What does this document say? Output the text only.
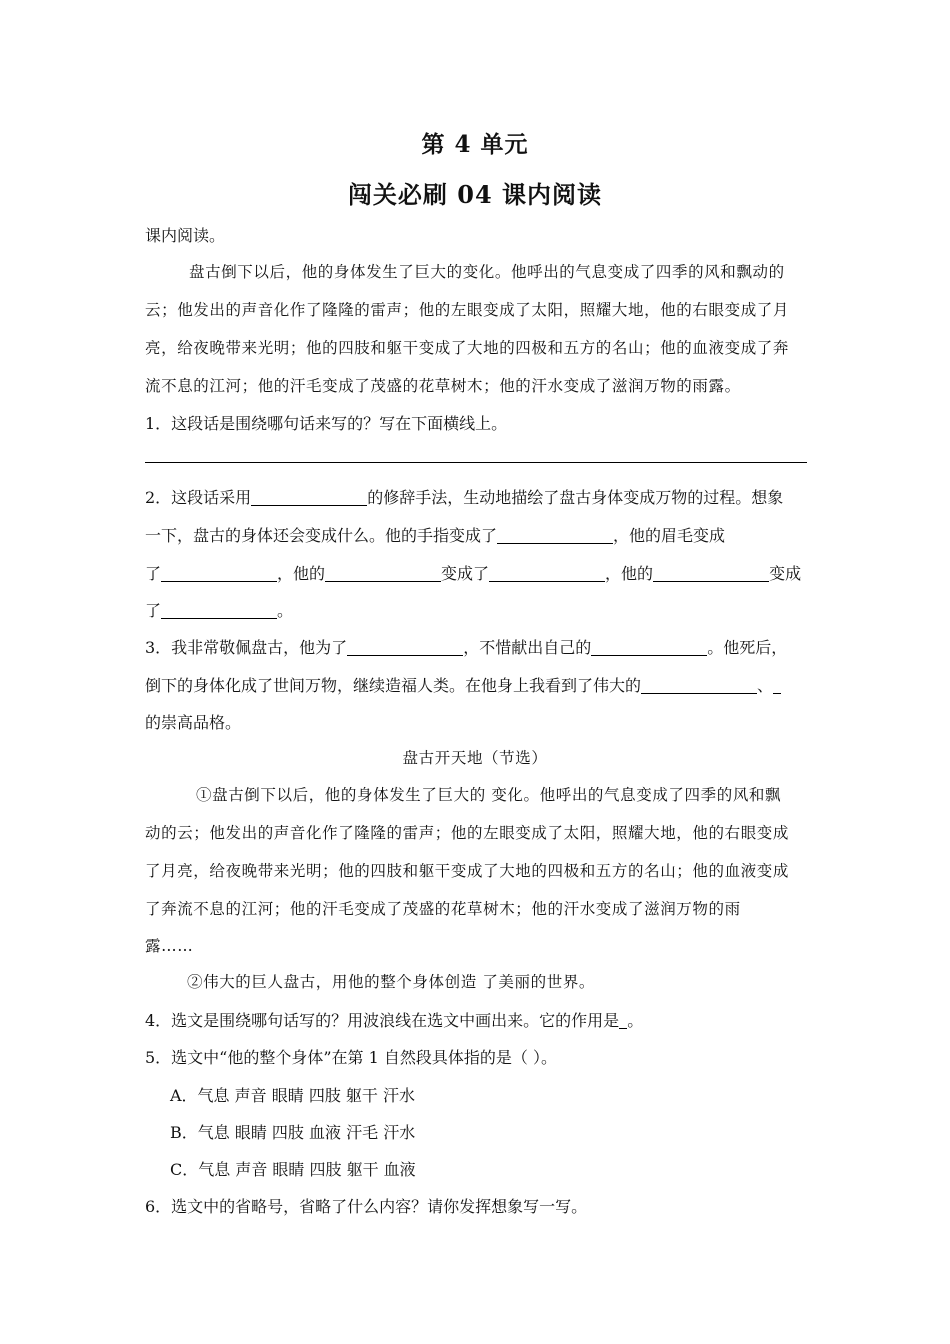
第 4 单元
闯关必刷 04 课内阅读
课内阅读。
盘古倒下以后，他的身体发生了巨大的变化。他呼出的气息变成了四季的风和飘动的
云；他发出的声音化作了隆隆的雷声；他的左眼变成了太阳，照耀大地，他的右眼变成了月
亮，给夜晚带来光明；他的四肢和躯干变成了大地的四极和五方的名山；他的血液变成了奔
流不息的江河；他的汗毛变成了茂盛的花草树木；他的汗水变成了滋润万物的雨露。
1．这段话是围绕哪句话来写的？写在下面横线上。
2．这段话采用	的修辞手法，生动地描绘了盘古身体变成万物的过程。想象
一下，盘古的身体还会变成什么。他的手指变成了	，他的眉毛变成
了	，他的	变成了	，他的	变成
了	。
3．我非常敬佩盘古，他为了	，不惜献出自己的	。他死后，
倒下的身体化成了世间万物，继续造福人类。在他身上我看到了伟大的	、
的崇高品格。
盘古开天地（节选）
①盘古倒下以后，他的身体发生了巨大的 变化。他呼出的气息变成了四季的风和飘
动的云；他发出的声音化作了隆隆的雷声；他的左眼变成了太阳，照耀大地，他的右眼变成
了月亮，给夜晚带来光明；他的四肢和躯干变成了大地的四极和五方的名山；他的血液变成
了奔流不息的江河；他的汗毛变成了茂盛的花草树木；他的汗水变成了滋润万物的雨
露……
②伟大的巨人盘古，用他的整个身体创造 了美丽的世界。
4．选文是围绕哪句话写的？用波浪线在选文中画出来。它的作用是 。
5．选文中“他的整个身体”在第 1 自然段具体指的是（ ）。
A．气息 声音 眼睛 四肢 躯干 汗水
B．气息 眼睛 四肢 血液 汗毛 汗水
C．气息 声音 眼睛 四肢 躯干 血液
6．选文中的省略号，省略了什么内容？请你发挥想象写一写。
